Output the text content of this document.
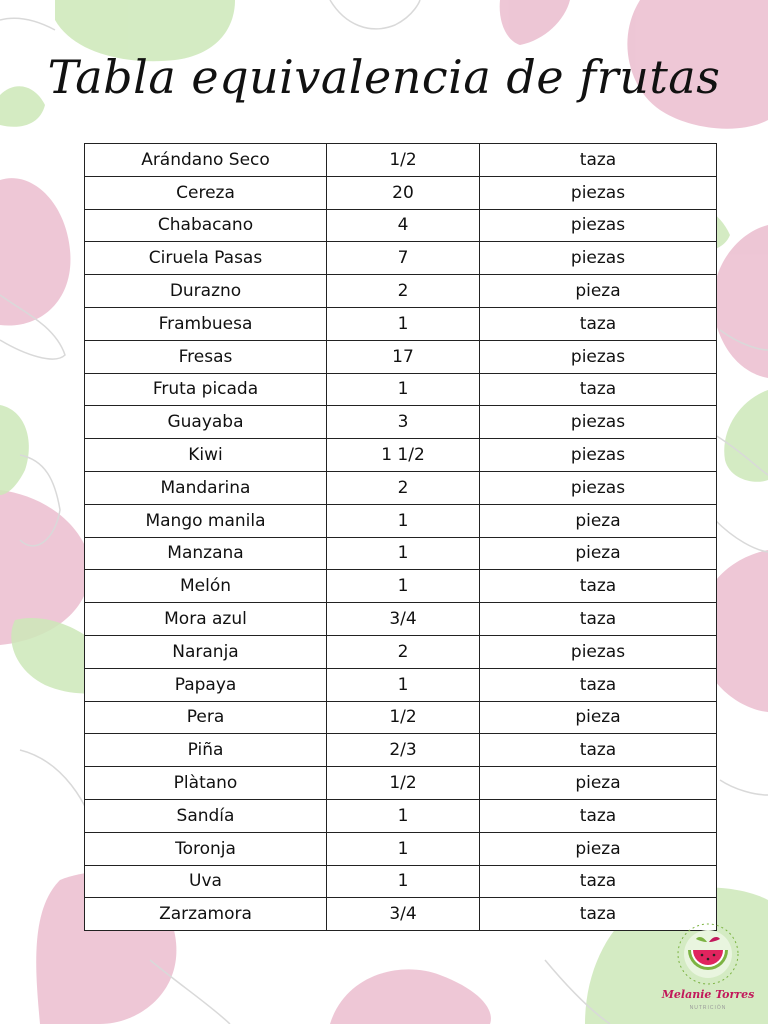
Tabla equivalencia de frutas
Arándano Seco	1/2	taza
Cereza	20	piezas
Chabacano	4	piezas
Ciruela Pasas	7	piezas
Durazno	2	pieza
Frambuesa	1	taza
Fresas	17	piezas
Fruta picada	1	taza
Guayaba	3	piezas
Kiwi	1 1/2	piezas
Mandarina	2	piezas
Mango manila	1	pieza
Manzana	1	pieza
Melón	1	taza
Mora azul	3/4	taza
Naranja	2	piezas
Papaya	1	taza
Pera	1/2	pieza
Piña	2/3	taza
Plàtano	1/2	pieza
Sandía	1	taza
Toronja	1	pieza
Uva	1	taza
Zarzamora	3/4	taza
Melanie Torres
NUTRICIÓN
